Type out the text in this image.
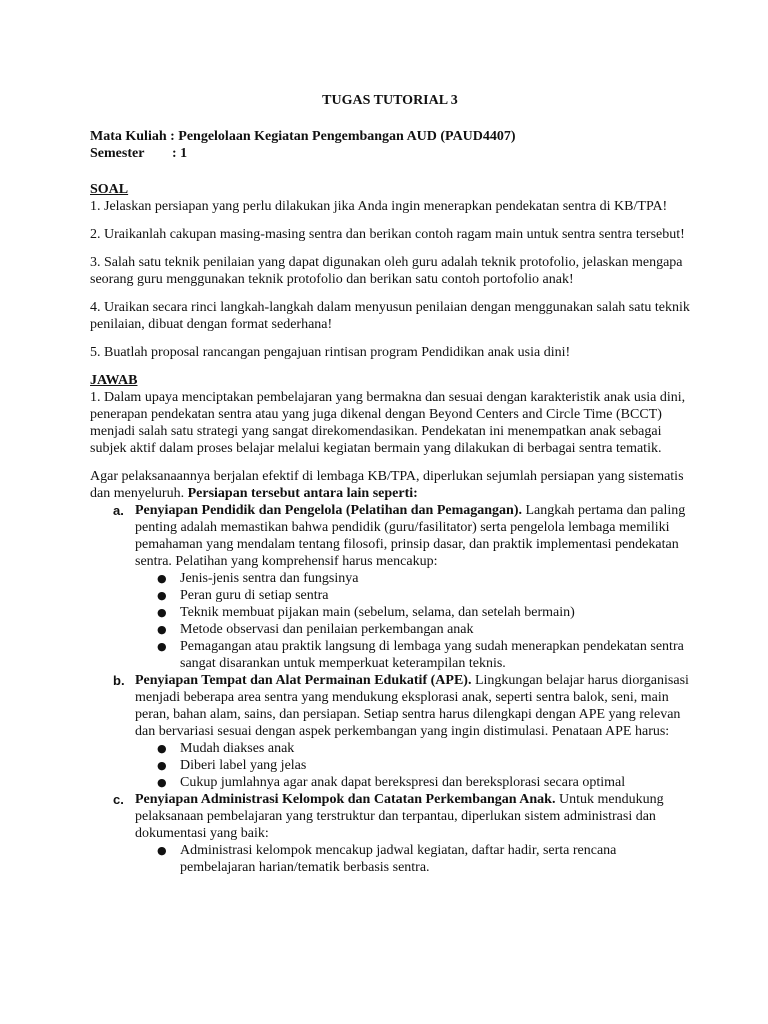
TUGAS TUTORIAL 3

Mata Kuliah : Pengelolaan Kegiatan Pengembangan AUD (PAUD4407)

Semester : 1

SOAL

1. Jelaskan persiapan yang perlu dilakukan jika Anda ingin menerapkan pendekatan sentra di KB/TPA!

2. Uraikanlah cakupan masing-masing sentra dan berikan contoh ragam main untuk sentra sentra tersebut!

3. Salah satu teknik penilaian yang dapat digunakan oleh guru adalah teknik protofolio, jelaskan mengapa seorang guru menggunakan teknik protofolio dan berikan satu contoh portofolio anak!

4. Uraikan secara rinci langkah-langkah dalam menyusun penilaian dengan menggunakan salah satu teknik penilaian, dibuat dengan format sederhana!

5. Buatlah proposal rancangan pengajuan rintisan program Pendidikan anak usia dini!

JAWAB

1. Dalam upaya menciptakan pembelajaran yang bermakna dan sesuai dengan karakteristik anak usia dini, penerapan pendekatan sentra atau yang juga dikenal dengan Beyond Centers and Circle Time (BCCT) menjadi salah satu strategi yang sangat direkomendasikan. Pendekatan ini menempatkan anak sebagai subjek aktif dalam proses belajar melalui kegiatan bermain yang dilakukan di berbagai sentra tematik.

Agar pelaksanaannya berjalan efektif di lembaga KB/TPA, diperlukan sejumlah persiapan yang sistematis dan menyeluruh. Persiapan tersebut antara lain seperti:

a. Penyiapan Pendidik dan Pengelola (Pelatihan dan Pemagangan). Langkah pertama dan paling penting adalah memastikan bahwa pendidik (guru/fasilitator) serta pengelola lembaga memiliki pemahaman yang mendalam tentang filosofi, prinsip dasar, dan praktik implementasi pendekatan sentra. Pelatihan yang komprehensif harus mencakup:
● Jenis-jenis sentra dan fungsinya
● Peran guru di setiap sentra
● Teknik membuat pijakan main (sebelum, selama, dan setelah bermain)
● Metode observasi dan penilaian perkembangan anak
● Pemagangan atau praktik langsung di lembaga yang sudah menerapkan pendekatan sentra sangat disarankan untuk memperkuat keterampilan teknis.
b. Penyiapan Tempat dan Alat Permainan Edukatif (APE). Lingkungan belajar harus diorganisasi menjadi beberapa area sentra yang mendukung eksplorasi anak, seperti sentra balok, seni, main peran, bahan alam, sains, dan persiapan. Setiap sentra harus dilengkapi dengan APE yang relevan dan bervariasi sesuai dengan aspek perkembangan yang ingin distimulasi. Penataan APE harus:
● Mudah diakses anak
● Diberi label yang jelas
● Cukup jumlahnya agar anak dapat berekspresi dan bereksplorasi secara optimal
c. Penyiapan Administrasi Kelompok dan Catatan Perkembangan Anak. Untuk mendukung pelaksanaan pembelajaran yang terstruktur dan terpantau, diperlukan sistem administrasi dan dokumentasi yang baik:
● Administrasi kelompok mencakup jadwal kegiatan, daftar hadir, serta rencana pembelajaran harian/tematik berbasis sentra.
